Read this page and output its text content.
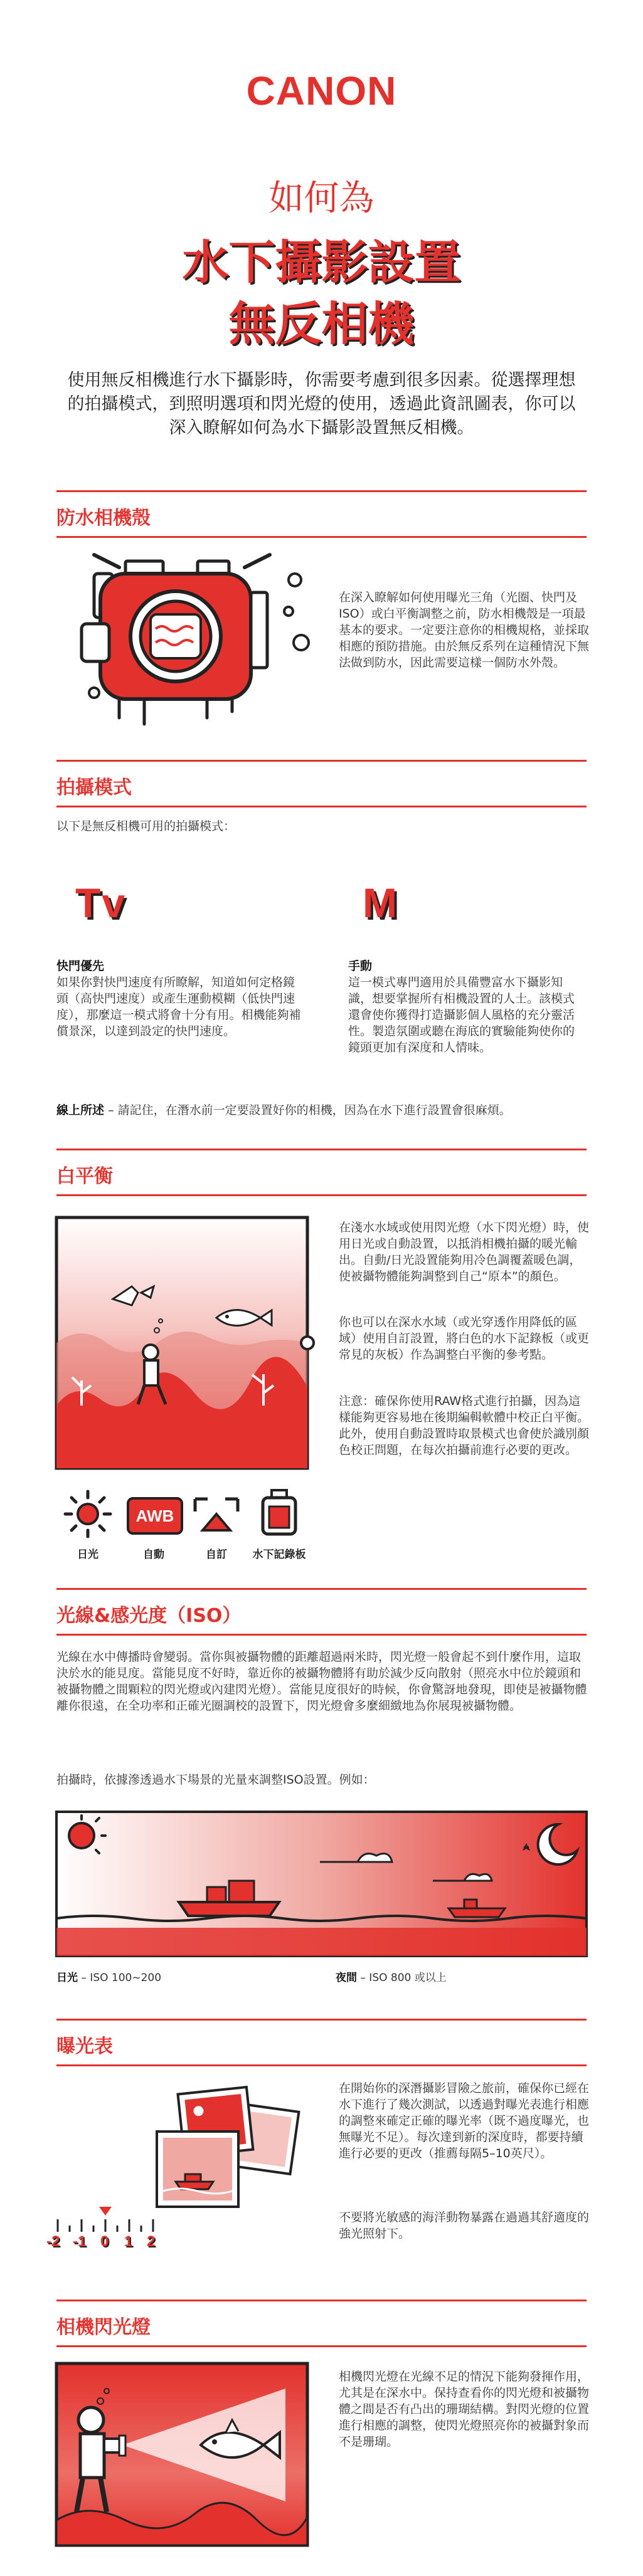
CANON
如何為
水下攝影設置
無反相機
使用無反相機進行水下攝影時，你需要考慮到很多因素。從選擇理想的拍攝模式，到照明選項和閃光燈的使用，透過此資訊圖表，你可以深入瞭解如何為水下攝影設置無反相機。
防水相機殼
在深入瞭解如何使用曝光三角（光圈、快門及ISO）或白平衡調整之前，防水相機殼是一項最基本的要求。一定要注意你的相機規格，並採取相應的預防措施。由於無反系列在這種情況下無法做到防水，因此需要這樣一個防水外殼。
拍攝模式
以下是無反相機可用的拍攝模式：
Tv
快門優先
如果你對快門速度有所瞭解，知道如何定格鏡頭（高快門速度）或產生運動模糊（低快門速度），那麼這一模式將會十分有用。相機能夠補償景深，以達到設定的快門速度。
M
手動
這一模式專門適用於具備豐富水下攝影知識，想要掌握所有相機設置的人士。該模式還會使你獲得打造攝影個人風格的充分靈活性。製造氛圍或聽在海底的實驗能夠使你的鏡頭更加有深度和人情味。
線上所述 – 請記住，在潛水前一定要設置好你的相機，因為在水下進行設置會很麻煩。
白平衡
在淺水水域或使用閃光燈（水下閃光燈）時，使用日光或自動設置，以抵消相機拍攝的暖光輸出。自動/日光設置能夠用冷色調覆蓋暖色調，使被攝物體能夠調整到自己“原本”的顏色。
你也可以在深水水域（或光穿透作用降低的區域）使用自訂設置，將白色的水下記錄板（或更常見的灰板）作為調整白平衡的參考點。
注意：確保你使用RAW格式進行拍攝，因為這樣能夠更容易地在後期編輯軟體中校正白平衡。此外，使用自動設置時取景模式也會使於識別顏色校正問題，在每次拍攝前進行必要的更改。
AWB
日光	自動	自訂	水下記錄板
光線&感光度（ISO）
光線在水中傳播時會變弱。當你與被攝物體的距離超過兩米時，閃光燈一般會起不到什麼作用，這取決於水的能見度。當能見度不好時，靠近你的被攝物體將有助於減少反向散射（照亮水中位於鏡頭和被攝物體之間顆粒的閃光燈或內建閃光燈）。當能見度很好的時候，你會驚訝地發現，即使是被攝物體離你很遠，在全功率和正確光圈調校的設置下，閃光燈會多麼細緻地為你展現被攝物體。
拍攝時，依據滲透過水下場景的光量來調整ISO設置。例如：
日光 – ISO 100~200	夜間 – ISO 800 或以上
曝光表
-2 -1 0 1 2
在開始你的深潛攝影冒險之旅前，確保你已經在水下進行了幾次測試，以透過對曝光表進行相應的調整來確定正確的曝光率（既不過度曝光，也無曝光不足）。每次達到新的深度時，都要持續進行必要的更改（推薦每隔5–10英尺）。
不要將光敏感的海洋動物暴露在過過其舒適度的強光照射下。
相機閃光燈
相機閃光燈在光線不足的情況下能夠發揮作用，尤其是在深水中。保持查看你的閃光燈和被攝物體之間是否有凸出的珊瑚結構。對閃光燈的位置進行相應的調整，使閃光燈照亮你的被攝對象而不是珊瑚。
